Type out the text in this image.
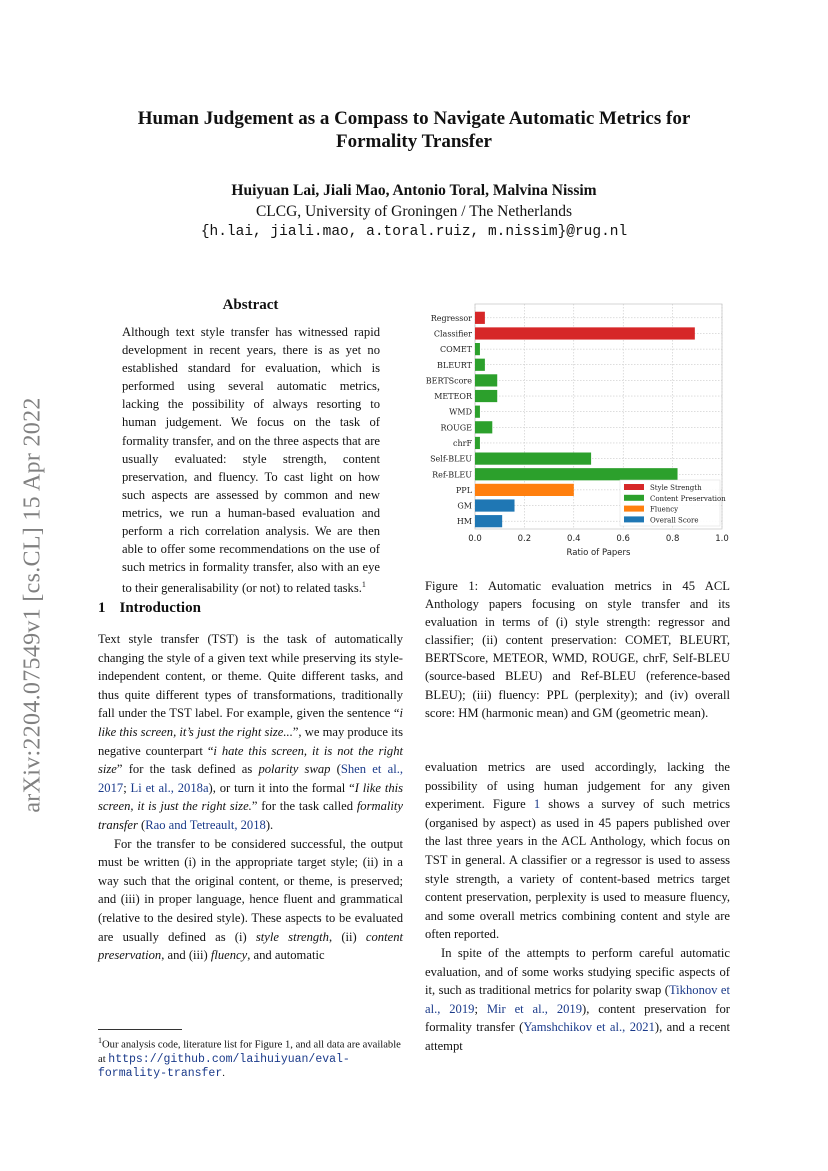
arXiv:2204.07549v1 [cs.CL] 15 Apr 2022
Human Judgement as a Compass to Navigate Automatic Metrics for Formality Transfer
Huiyuan Lai, Jiali Mao, Antonio Toral, Malvina Nissim
CLCG, University of Groningen / The Netherlands
{h.lai, jiali.mao, a.toral.ruiz, m.nissim}@rug.nl
Abstract
Although text style transfer has witnessed rapid development in recent years, there is as yet no established standard for evaluation, which is performed using several automatic metrics, lacking the possibility of always resorting to human judgement. We focus on the task of formality transfer, and on the three aspects that are usually evaluated: style strength, content preservation, and fluency. To cast light on how such aspects are assessed by common and new metrics, we run a human-based evaluation and perform a rich correlation analysis. We are then able to offer some recommendations on the use of such metrics in formality transfer, also with an eye to their generalisability (or not) to related tasks.$^1$
1 Introduction

Text style transfer (TST) is the task of automatically changing the style of a given text while preserving its style-independent content, or theme. Quite different tasks, and thus quite different types of transformations, traditionally fall under the TST label. For example, given the sentence “i like this screen, it’s just the right size...”, we may produce its negative counterpart “i hate this screen, it is not the right size” for the task defined as polarity swap (Shen et al., 2017; Li et al., 2018a), or turn it into the formal “I like this screen, it is just the right size.” for the task called formality transfer (Rao and Tetreault, 2018).

For the transfer to be considered successful, the output must be written (i) in the appropriate target style; (ii) in a way such that the original content, or theme, is preserved; and (iii) in proper language, hence fluent and grammatical (relative to the desired style). These aspects to be evaluated are usually defined as (i) style strength, (ii) content preservation, and (iii) fluency, and automatic

$^1$Our analysis code, literature list for Figure 1, and all data are available at https://github.com/laihuiyuan/eval-formality-transfer.
0.0	0.2	0.4	0.6	0.8	1.0
Ratio of Papers
Regressor
Classifier
COMET
BLEURT
BERTScore
METEOR
WMD
ROUGE
chrF
Self-BLEU
Ref-BLEU
PPL
GM
HM
Style Strength
Content Preservation
Fluency
Overall Score
Figure 1: Automatic evaluation metrics in 45 ACL Anthology papers focusing on style transfer and its evaluation in terms of (i) style strength: regressor and classifier; (ii) content preservation: COMET, BLEURT, BERTScore, METEOR, WMD, ROUGE, chrF, Self-BLEU (source-based BLEU) and Ref-BLEU (reference-based BLEU); (iii) fluency: PPL (perplexity); and (iv) overall score: HM (harmonic mean) and GM (geometric mean).

evaluation metrics are used accordingly, lacking the possibility of using human judgement for any given experiment. Figure 1 shows a survey of such metrics (organised by aspect) as used in 45 papers published over the last three years in the ACL Anthology, which focus on TST in general. A classifier or a regressor is used to assess style strength, a variety of content-based metrics target content preservation, perplexity is used to measure fluency, and some overall metrics combining content and style are often reported.

In spite of the attempts to perform careful automatic evaluation, and of some works studying specific aspects of it, such as traditional metrics for polarity swap (Tikhonov et al., 2019; Mir et al., 2019), content preservation for formality transfer (Yamshchikov et al., 2021), and a recent attempt
